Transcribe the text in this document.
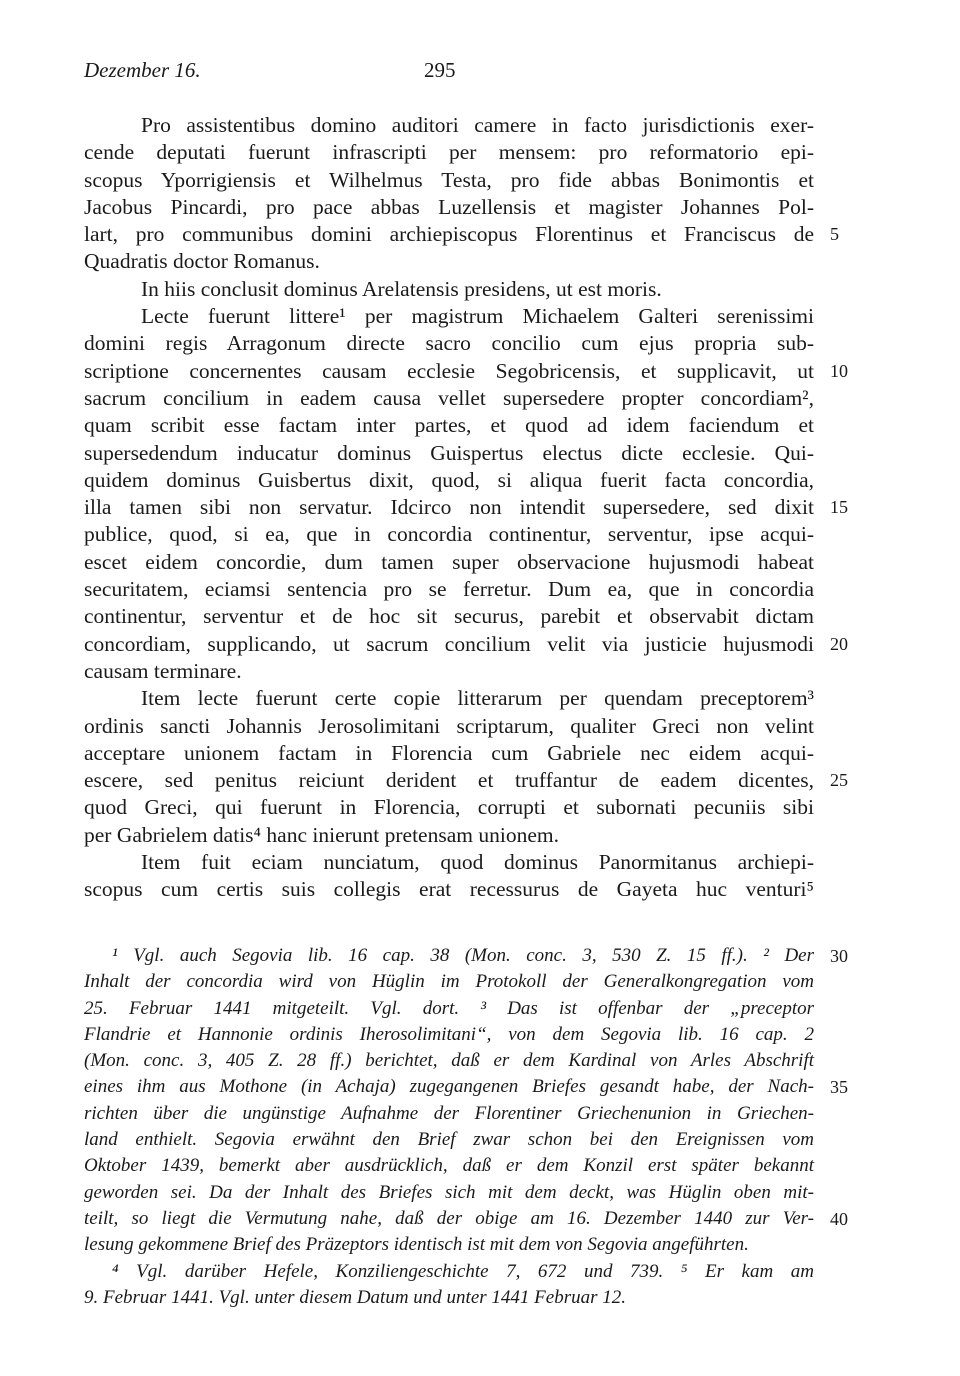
Dezember 16.	295
Pro assistentibus domino auditori camere in facto jurisdictionis exer-
cende deputati fuerunt infrascripti per mensem: pro reformatorio epi-
scopus Yporrigiensis et Wilhelmus Testa, pro fide abbas Bonimontis et
Jacobus Pincardi, pro pace abbas Luzellensis et magister Johannes Pol-
lart, pro communibus domini archiepiscopus Florentinus et Franciscus de 5
Quadratis doctor Romanus.
In hiis conclusit dominus Arelatensis presidens, ut est moris.
Lecte fuerunt littere¹ per magistrum Michaelem Galteri serenissimi
domini regis Arragonum directe sacro concilio cum ejus propria sub-
scriptione concernentes causam ecclesie Segobricensis, et supplicavit, ut 10
sacrum concilium in eadem causa vellet supersedere propter concordiam²,
quam scribit esse factam inter partes, et quod ad idem faciendum et
supersedendum inducatur dominus Guispertus electus dicte ecclesie. Qui-
quidem dominus Guisbertus dixit, quod, si aliqua fuerit facta concordia,
illa tamen sibi non servatur. Idcirco non intendit supersedere, sed dixit 15
publice, quod, si ea, que in concordia continentur, serventur, ipse acqui-
escet eidem concordie, dum tamen super observacione hujusmodi habeat
securitatem, eciamsi sentencia pro se ferretur. Dum ea, que in concordia
continentur, serventur et de hoc sit securus, parebit et observabit dictam
concordiam, supplicando, ut sacrum concilium velit via justicie hujusmodi 20
causam terminare.
Item lecte fuerunt certe copie litterarum per quendam preceptorem³
ordinis sancti Johannis Jerosolimitani scriptarum, qualiter Greci non velint
acceptare unionem factam in Florencia cum Gabriele nec eidem acqui-
escere, sed penitus reiciunt derident et truffantur de eadem dicentes, 25
quod Greci, qui fuerunt in Florencia, corrupti et subornati pecuniis sibi
per Gabrielem datis⁴ hanc inierunt pretensam unionem.
Item fuit eciam nunciatum, quod dominus Panormitanus archiepi-
scopus cum certis suis collegis erat recessurus de Gayeta huc venturi⁵
¹ Vgl. auch Segovia lib. 16 cap. 38 (Mon. conc. 3, 530 Z. 15 ff.). ² Der 30
Inhalt der concordia wird von Hüglin im Protokoll der Generalkongregation vom
25. Februar 1441 mitgeteilt. Vgl. dort. ³ Das ist offenbar der „preceptor
Flandrie et Hannonie ordinis Iherosolimitani“, von dem Segovia lib. 16 cap. 2
(Mon. conc. 3, 405 Z. 28 ff.) berichtet, daß er dem Kardinal von Arles Abschrift
eines ihm aus Mothone (in Achaja) zugegangenen Briefes gesandt habe, der Nach- 35
richten über die ungünstige Aufnahme der Florentiner Griechenunion in Griechen-
land enthielt. Segovia erwähnt den Brief zwar schon bei den Ereignissen vom
Oktober 1439, bemerkt aber ausdrücklich, daß er dem Konzil erst später bekannt
geworden sei. Da der Inhalt des Briefes sich mit dem deckt, was Hüglin oben mit-
teilt, so liegt die Vermutung nahe, daß der obige am 16. Dezember 1440 zur Ver- 40
lesung gekommene Brief des Präzeptors identisch ist mit dem von Segovia angeführten.
⁴ Vgl. darüber Hefele, Konziliengeschichte 7, 672 und 739. ⁵ Er kam am
9. Februar 1441. Vgl. unter diesem Datum und unter 1441 Februar 12.
